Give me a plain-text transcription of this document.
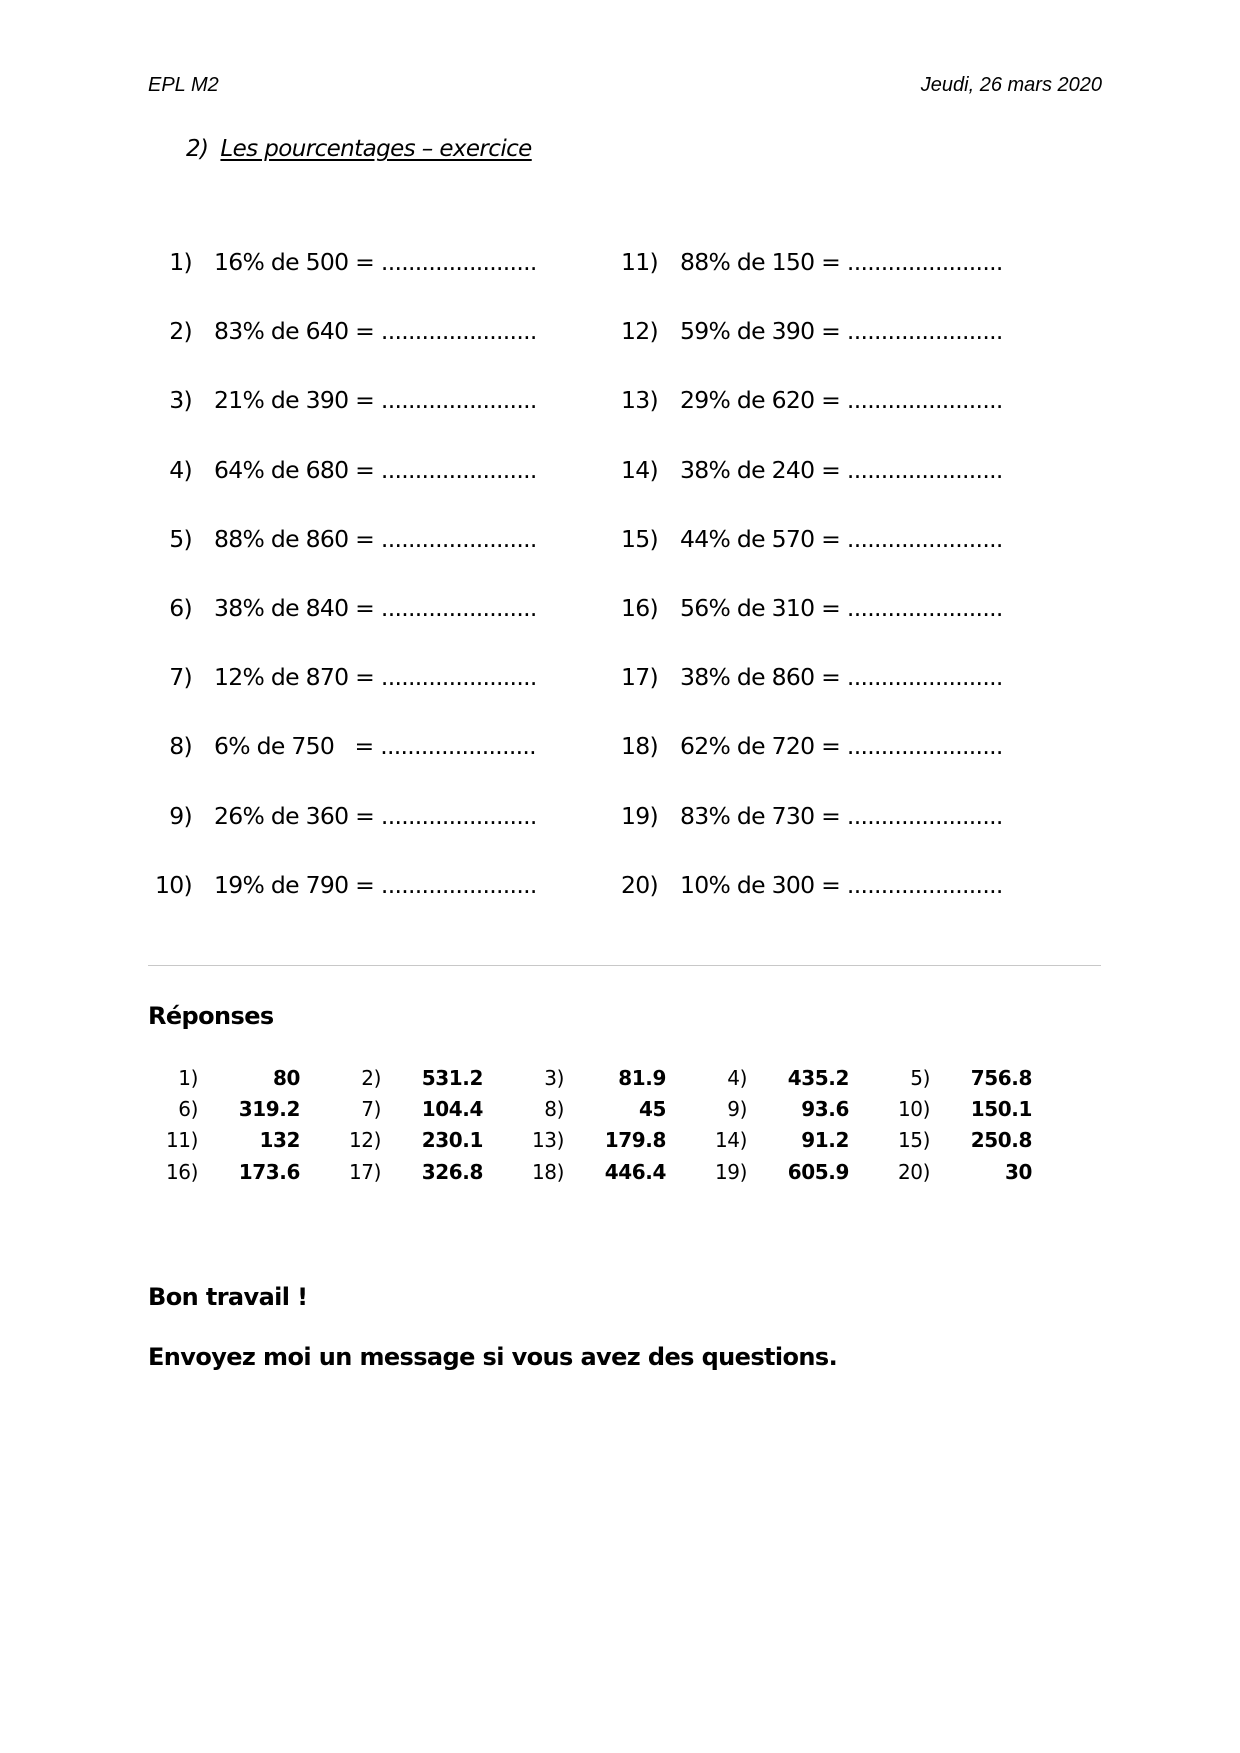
EPL M2	Jeudi, 26 mars 2020
2) Les pourcentages – exercice
1) 16% de 500 = .......................
2) 83% de 640 = .......................
3) 21% de 390 = .......................
4) 64% de 680 = .......................
5) 88% de 860 = .......................
6) 38% de 840 = .......................
7) 12% de 870 = .......................
8) 6% de 750   = .......................
9) 26% de 360 = .......................
10) 19% de 790 = .......................
11) 88% de 150 = .......................
12) 59% de 390 = .......................
13) 29% de 620 = .......................
14) 38% de 240 = .......................
15) 44% de 570 = .......................
16) 56% de 310 = .......................
17) 38% de 860 = .......................
18) 62% de 720 = .......................
19) 83% de 730 = .......................
20) 10% de 300 = .......................
Réponses
1)	80	2)	531.2	3)	81.9	4)	435.2	5)	756.8
6)	319.2	7)	104.4	8)	45	9)	93.6	10)	150.1
11)	132	12)	230.1	13)	179.8	14)	91.2	15)	250.8
16)	173.6	17)	326.8	18)	446.4	19)	605.9	20)	30
Bon travail !
Envoyez moi un message si vous avez des questions.
